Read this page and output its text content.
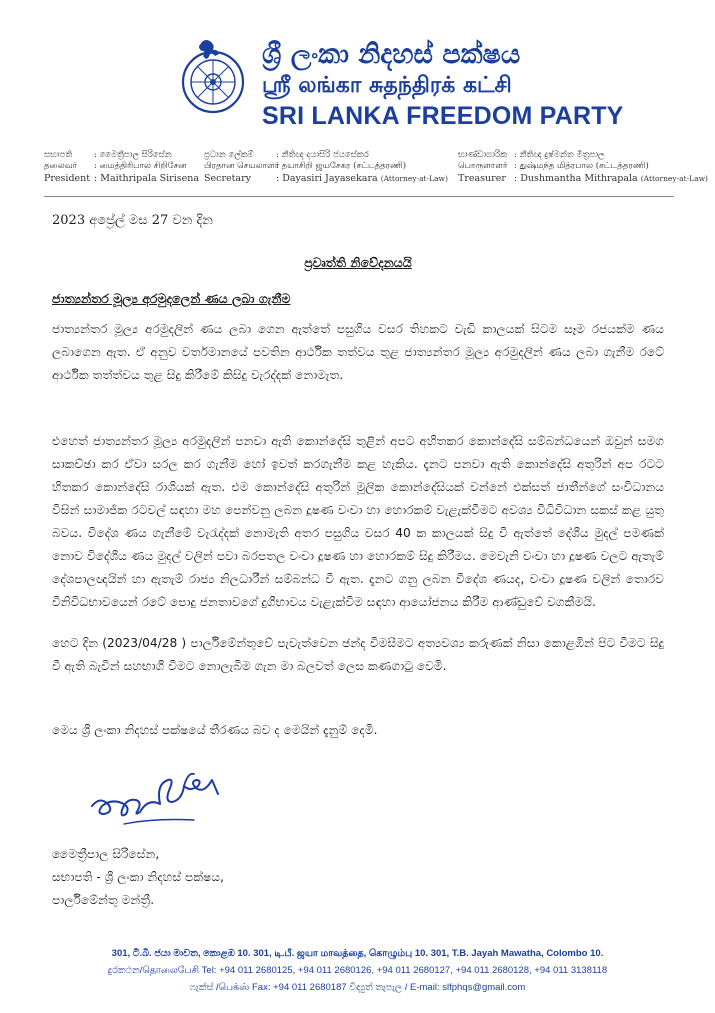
ශ්‍රී ලංකා නිදහස් පක්ෂය
ஸ்ரீ லங்கா சுதந்திரக் கட்சி
SRI LANKA FREEDOM PARTY
සභාපති	: මෛත්‍රීපාල සිරිසේන
தலைவர் : மைத்திரிபால சிறிசேன
President : Maithripala Sirisena
ප්‍රධාන ලේකම්	: නීතිඥ දයාසිරි ජයසේකර
பிரதான செயலாளர்: தயாசிறி ஜயசேகர (சட்டத்தரணி)
Secretary	: Dayasiri Jayasekara (Attorney-at-Law)
භාණ්ඩාගාරික : නීතිඥ දුෂ්මන්ත මිත්‍රපාල
பொருளாளர் : துஷ்மந்த மித்ரபால (சட்டத்தரணி)
Treasurer : Dushmantha Mithrapala (Attorney-at-Law)
2023 අප්‍රේල් මස 27 වන දින
ප්‍රවෘත්ති නිවේදනයයි
ජාත්‍යන්තර මූල්‍ය අරමුදලෙන් ණය ලබා ගැනීම
ජාත්‍යන්තර මූල්‍ය අරමුදලින් ණය ලබා ගෙන ඇත්තේ පසුගිය වසර තිහකට වැඩි කාලයක් සිටම සෑම රජයක්ම ණය ලබාගෙන ඇත. ඒ අනුව වර්තමානයේ පවතින ආර්ථික තත්වය තුළ ජාත්‍යන්තර මූල්‍ය අරමුදලින් ණය ලබා ගැනීම රටේ ආර්ථික තත්ත්වය තුළ සිදු කිරීමේ කිසිදු වැරද්දක් නොමැත.
එහෙත් ජාත්‍යන්තර මූල්‍ය අරමුදලින් පනවා ඇති කොන්දේසි තුළින් අපට අහිතකර කොන්දේසි සම්බන්ධයෙන් ඔවුන් සමග සාකච්ඡා කර ඒවා සරල කර ගැනීම හෝ ඉවත් කරගැනීම කළ හැකිය. දැනට පනවා ඇති කොන්දේසි අතුරින් අප රටට හිතකර කොන්දේසි රාශියක් ඇත. එම කොන්දේසි අතුරින් මූලික කොන්දේසියක් වන්නේ එක්සත් ජාතීන්ගේ සංවිධානය විසින් සාමාජික රටවල් සඳහා මහ පෙන්වනු ලබන දූෂණ වංචා හා හොරකම් වැළැක්වීමට අවශ්‍ය විධිවිධාන සකස් කළ යුතු බවය. විදේශ ණය ගැනීමේ වැරැද්දක් නොමැති අතර පසුගිය වසර 40 ක කාලයක් සිදු වී ඇත්තේ දේශීය මුදල් පමණක් නොව විදේශීය ණය මුදල් වලින් පවා බරපතල වංචා දූෂණ හා හොරකම් සිදු කිරීමය. මෙවැනි වංචා හා දූෂණ වලට ඇතැම් දේශපාලඥයින් හා ඇතැම් රාජ්‍ය නිලධාරීන් සම්බන්ධ වී ඇත. දැනට ගනු ලබන විදේශ ණයද, වංචා දූෂණ වලින් තොරව විනිවිධභාවයෙන් රටේ පොදු ජනතාවගේ දුගීභාවය වැළැක්වීම සඳහා ආයෝජනය කිරීම ආණ්ඩුවේ වගකීමයි.
හෙට දින (2023/04/28 ) පාර්ලිමේන්තුවේ පැවැත්වෙන ඡන්ද විමසීමට අත්‍යවශ්‍ය කරුණක් නිසා කොළඹින් පිට වීමට සිදු වී ඇති බැවින් සහභාගී වීමට නොලැබීම ගැන මා බලවත් ලෙස කණගාටු වෙමි.
මෙය ශ්‍රී ලංකා නිදහස් පක්ෂයේ තීරණය බව ද මෙයින් දැනුම් දෙමි.
මෛත්‍රීපාල සිරිසේන,
සභාපති - ශ්‍රී ලංකා නිදහස් පක්ෂය,
පාර්ලිමේන්තු මන්ත්‍රී.
301, ටී.බී. ජයා මාවත, කොළඹ 10. 301, டி.பீ. ஜயா மாவத்தை, கொழும்பு 10. 301, T.B. Jayah Mawatha, Colombo 10.
දුරකථන/தொலைபேசி Tel: +94 011 2680125, +94 011 2680126, +94 011 2680127, +94 011 2680128, +94 011 3138118
ෆැක්ස් /பெக்ஸ் Fax: +94 011 2680187 විද්‍යුත් තැපැල / E-mail: slfphqs@gmail.com
